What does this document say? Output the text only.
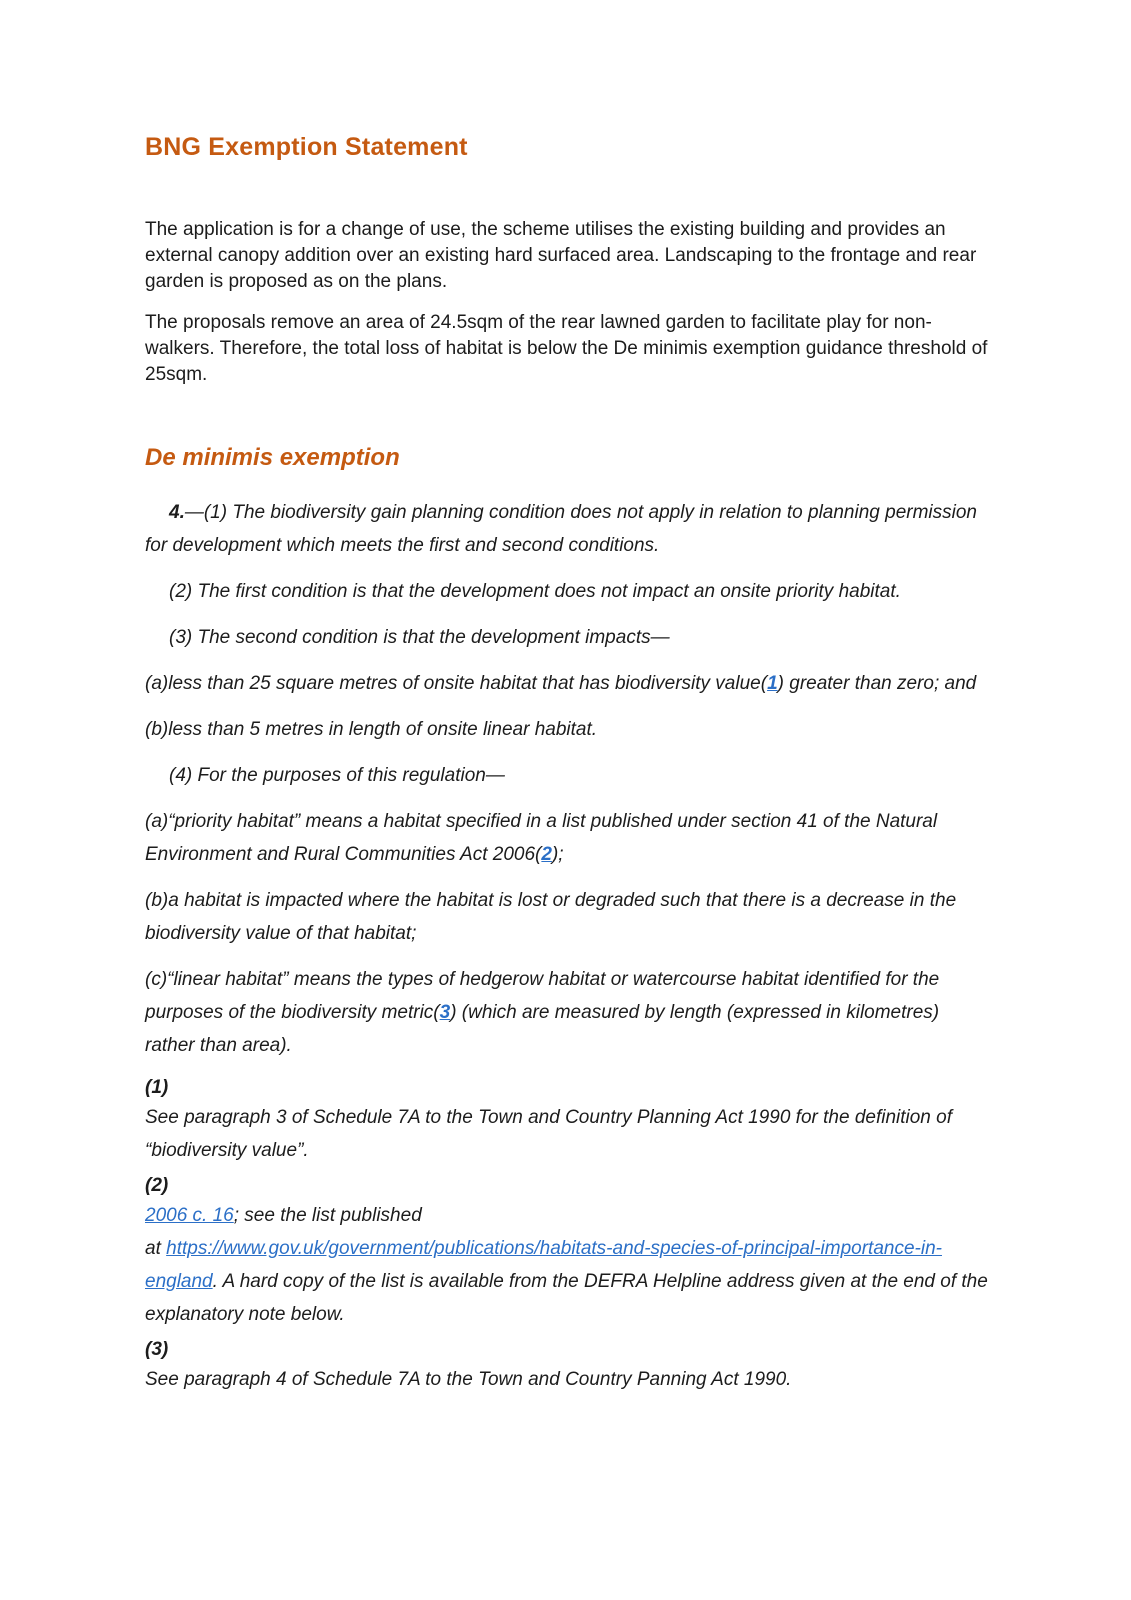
BNG Exemption Statement

The application is for a change of use, the scheme utilises the existing building and provides an external canopy addition over an existing hard surfaced area. Landscaping to the frontage and rear garden is proposed as on the plans.

The proposals remove an area of 24.5sqm of the rear lawned garden to facilitate play for non-walkers. Therefore, the total loss of habitat is below the De minimis exemption guidance threshold of 25sqm.

De minimis exemption

4.—(1) The biodiversity gain planning condition does not apply in relation to planning permission for development which meets the first and second conditions.

(2) The first condition is that the development does not impact an onsite priority habitat.

(3) The second condition is that the development impacts—

(a)less than 25 square metres of onsite habitat that has biodiversity value(1) greater than zero; and

(b)less than 5 metres in length of onsite linear habitat.

(4) For the purposes of this regulation—

(a)“priority habitat” means a habitat specified in a list published under section 41 of the Natural Environment and Rural Communities Act 2006(2);

(b)a habitat is impacted where the habitat is lost or degraded such that there is a decrease in the biodiversity value of that habitat;

(c)“linear habitat” means the types of hedgerow habitat or watercourse habitat identified for the purposes of the biodiversity metric(3) (which are measured by length (expressed in kilometres) rather than area).

(1)

See paragraph 3 of Schedule 7A to the Town and Country Planning Act 1990 for the definition of “biodiversity value”.

(2)

2006 c. 16; see the list published
at https://www.gov.uk/government/publications/habitats-and-species-of-principal-importance-in-england. A hard copy of the list is available from the DEFRA Helpline address given at the end of the explanatory note below.

(3)

See paragraph 4 of Schedule 7A to the Town and Country Panning Act 1990.
